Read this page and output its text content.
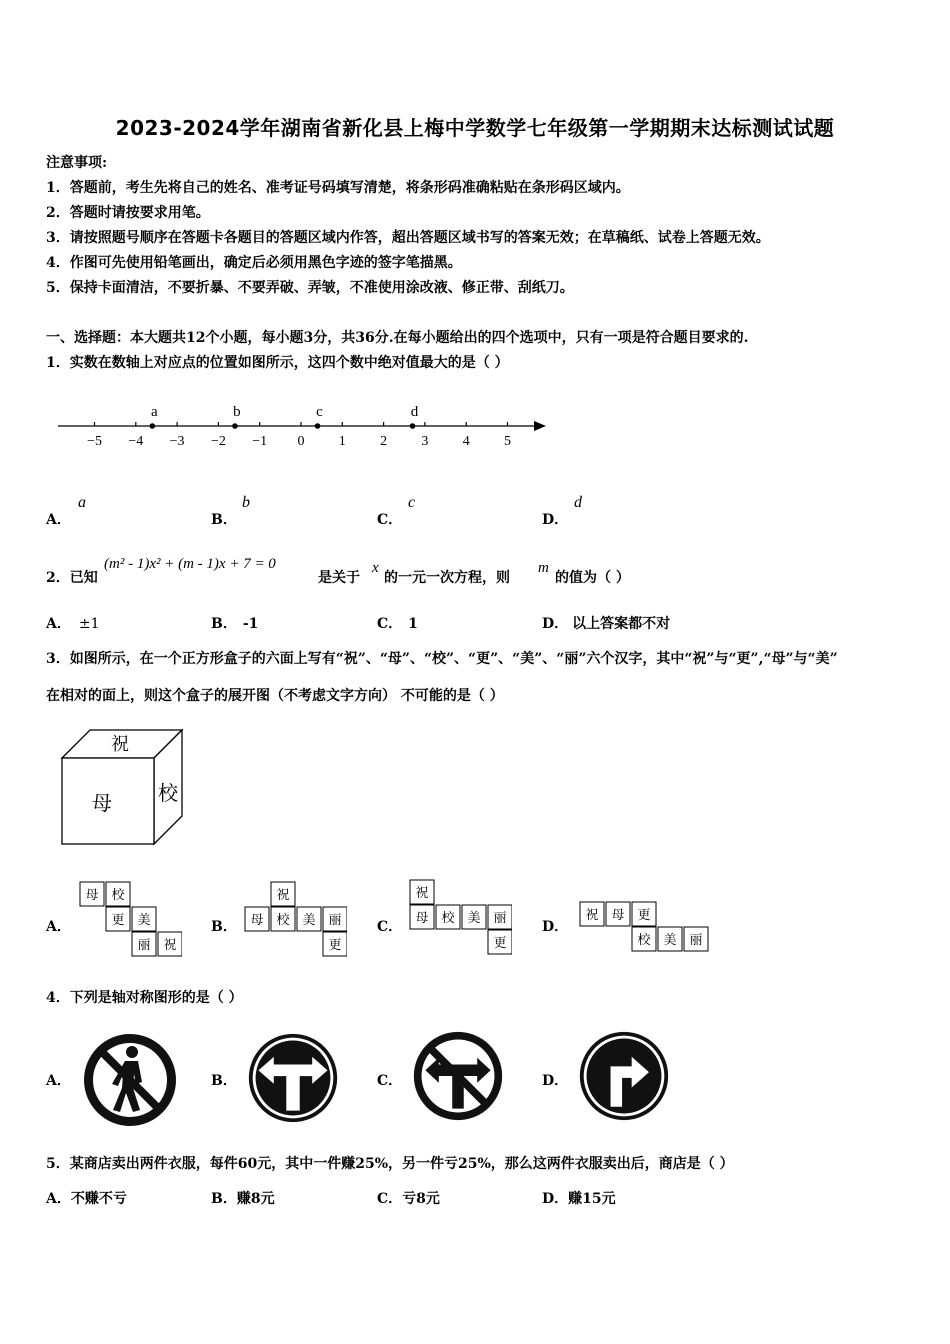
2023-2024学年湖南省新化县上梅中学数学七年级第一学期期末达标测试试题
注意事项:
1．答题前，考生先将自己的姓名、准考证号码填写清楚，将条形码准确粘贴在条形码区域内。
2．答题时请按要求用笔。
3．请按照题号顺序在答题卡各题目的答题区域内作答，超出答题区域书写的答案无效；在草稿纸、试卷上答题无效。
4．作图可先使用铅笔画出，确定后必须用黑色字迹的签字笔描黑。
5．保持卡面清洁，不要折暴、不要弄破、弄皱，不准使用涂改液、修正带、刮纸刀。
一、选择题：本大题共12个小题，每小题3分，共36分.在每小题给出的四个选项中，只有一项是符合题目要求的.
1．实数在数轴上对应点的位置如图所示，这四个数中绝对值最大的是（ ）
−5 −4 −3 −2 −1 0 1 2 3 4 5
a	b	c	d
A．
a
B．
b
C．
c
D．
d
2．已知
(m² - 1)x² + (m - 1)x + 7 = 0
是关于
x
的一元一次方程，则
m
的值为（ ）
A． ±1	B． -1	C． 1	D． 以上答案都不对
3．如图所示，在一个正方形盒子的六面上写有“祝”、“母”、“校”、“更”、“美”、“丽”六个汉字，其中“祝”与“更”,“母”与“美”
在相对的面上，则这个盒子的展开图（不考虑文字方向） 不可能的是（ ）
祝
母 校
A．
母 校
更 美
丽 祝
B．
祝
母 校 美 丽
更
C．
祝
母 校 美 丽
更
D．
祝 母 更
校 美 丽
4．下列是轴对称图形的是（ ）
A．	B．	C．	D．
5．某商店卖出两件衣服，每件60元，其中一件赚25%，另一件亏25%，那么这两件衣服卖出后，商店是（ ）
A．不赚不亏	B．赚8元	C．亏8元	D．赚15元
